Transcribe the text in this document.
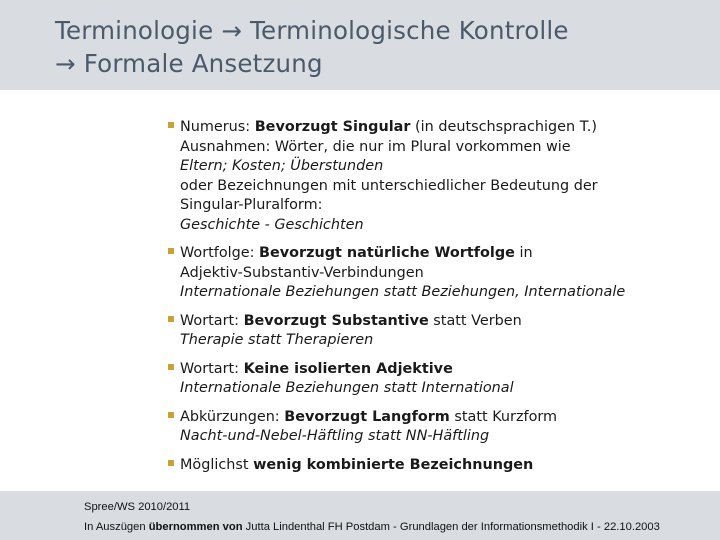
Terminologie → Terminologische Kontrolle
→ Formale Ansetzung
Numerus: Bevorzugt Singular (in deutschsprachigen T.)
Ausnahmen: Wörter, die nur im Plural vorkommen wie
Eltern; Kosten; Überstunden
oder Bezeichnungen mit unterschiedlicher Bedeutung der
Singular-Pluralform:
Geschichte - Geschichten
Wortfolge: Bevorzugt natürliche Wortfolge in
Adjektiv-Substantiv-Verbindungen
Internationale Beziehungen statt Beziehungen, Internationale
Wortart: Bevorzugt Substantive statt Verben
Therapie statt Therapieren
Wortart: Keine isolierten Adjektive
Internationale Beziehungen statt International
Abkürzungen: Bevorzugt Langform statt Kurzform
Nacht-und-Nebel-Häftling statt NN-Häftling
Möglichst wenig kombinierte Bezeichnungen
Spree/WS 2010/2011
In Auszügen übernommen von Jutta Lindenthal FH Postdam - Grundlagen der Informationsmethodik I - 22.10.2003
